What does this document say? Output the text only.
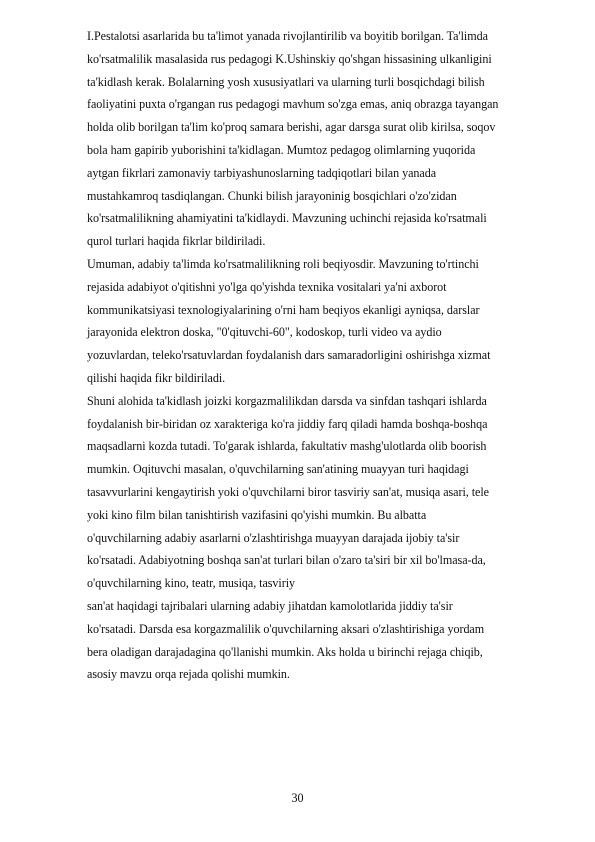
I.Pestalotsi asarlarida bu ta'limot yanada rivojlantirilib va boyitib borilgan. Ta'limda
ko'rsatmalilik masalasida rus pedagogi K.Ushinskiy qo'shgan hissasining ulkanligini
ta'kidlash kerak. Bolalarning yosh xususiyatlari va ularning turli bosqichdagi bilish
faoliyatini puxta o'rgangan rus pedagogi mavhum so'zga emas, aniq obrazga tayangan
holda olib borilgan ta'lim ko'proq samara berishi, agar darsga surat olib kirilsa, soqov
bola ham gapirib yuborishini ta'kidlagan. Mumtoz pedagog olimlarning yuqorida
aytgan fikrlari zamonaviy tarbiyashunoslarning tadqiqotlari bilan yanada
mustahkamroq tasdiqlangan. Chunki bilish jarayoninig bosqichlari o'zo'zidan
ko'rsatmalilikning ahamiyatini ta'kidlaydi. Mavzuning uchinchi rejasida ko'rsatmali
qurol turlari haqida fikrlar bildiriladi.
Umuman, adabiy ta'limda ko'rsatmalilikning roli beqiyosdir. Mavzuning to'rtinchi
rejasida adabiyot o'qitishni yo'lga qo'yishda texnika vositalari ya'ni axborot
kommunikatsiyasi texnologiyalarining o'rni ham beqiyos ekanligi ayniqsa, darslar
jarayonida elektron doska, "0'qituvchi-60", kodoskop, turli video va aydio
yozuvlardan, teleko'rsatuvlardan foydalanish dars samaradorligini oshirishga xizmat
qilishi haqida fikr bildiriladi.
Shuni alohida ta'kidlash joizki korgazmalilikdan darsda va sinfdan tashqari ishlarda
foydalanish bir-biridan oz xarakteriga ko'ra jiddiy farq qiladi hamda boshqa-boshqa
maqsadlarni kozda tutadi. To'garak ishlarda, fakultativ mashg'ulotlarda olib boorish
mumkin. Oqituvchi masalan, o'quvchilarning san'atining muayyan turi haqidagi
tasavvurlarini kengaytirish yoki o'quvchilarni biror tasviriy san'at, musiqa asari, tele
yoki kino film bilan tanishtirish vazifasini qo'yishi mumkin. Bu albatta
o'quvchilarning adabiy asarlarni o'zlashtirishga muayyan darajada ijobiy ta'sir
ko'rsatadi. Adabiyotning boshqa san'at turlari bilan o'zaro ta'siri bir xil bo'lmasa-da,
o'quvchilarning kino, teatr, musiqa, tasviriy
san'at haqidagi tajribalari ularning adabiy jihatdan kamolotlarida jiddiy ta'sir
ko'rsatadi. Darsda esa korgazmalilik o'quvchilarning aksari o'zlashtirishiga yordam
bera oladigan darajadagina qo'llanishi mumkin. Aks holda u birinchi rejaga chiqib,
asosiy mavzu orqa rejada qolishi mumkin.
30
